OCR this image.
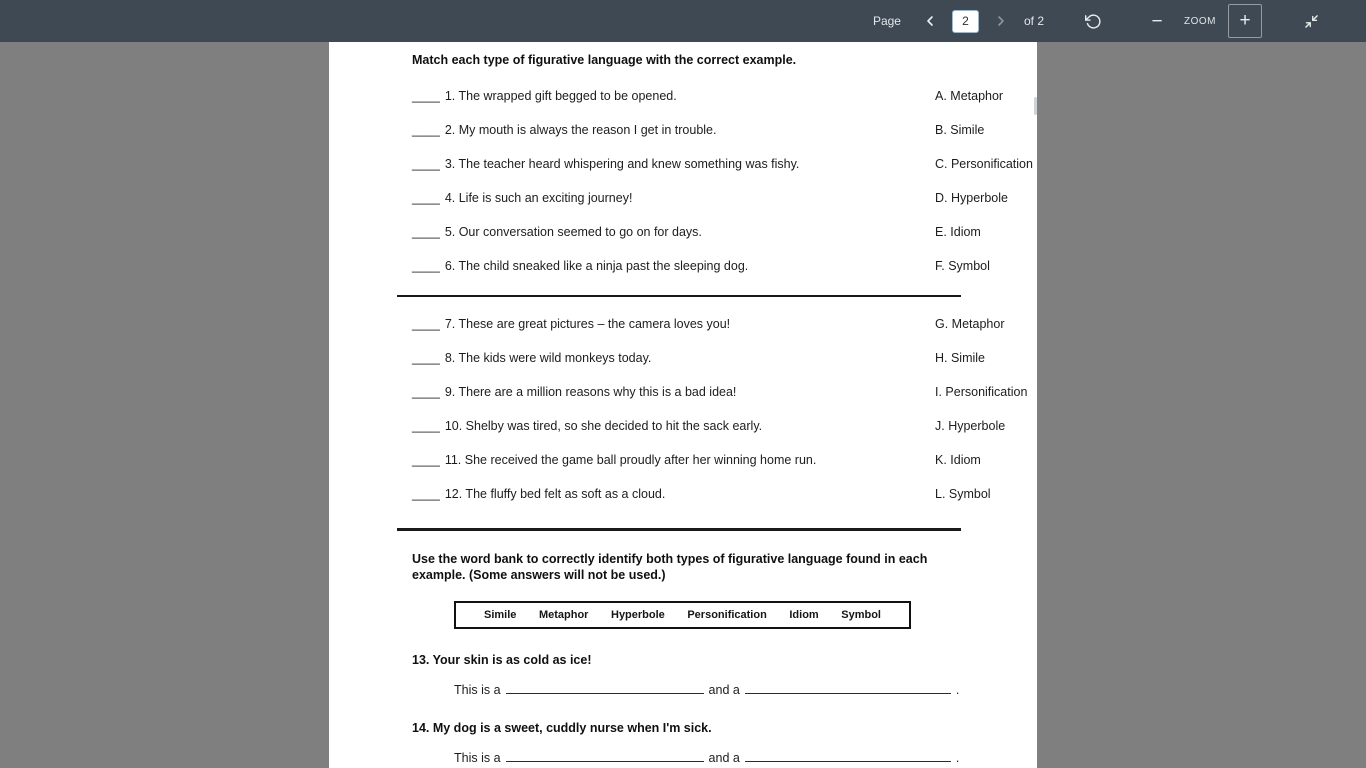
Page
2	of 2	−	ZOOM	+
Match each type of figurative language with the correct example.
____ 1. The wrapped gift begged to be opened.	A. Metaphor
____ 2. My mouth is always the reason I get in trouble.	B. Simile
____ 3. The teacher heard whispering and knew something was fishy.	C. Personification
____ 4. Life is such an exciting journey!	D. Hyperbole
____ 5. Our conversation seemed to go on for days.	E. Idiom
____ 6. The child sneaked like a ninja past the sleeping dog.	F. Symbol
____ 7. These are great pictures – the camera loves you!	G. Metaphor
____ 8. The kids were wild monkeys today.	H. Simile
____ 9. There are a million reasons why this is a bad idea!	I. Personification
____ 10. Shelby was tired, so she decided to hit the sack early.	J. Hyperbole
____ 11. She received the game ball proudly after her winning home run.	K. Idiom
____ 12. The fluffy bed felt as soft as a cloud.	L. Symbol
Use the word bank to correctly identify both types of figurative language found in each example. (Some answers will not be used.)
Simile Metaphor Hyperbole Personification Idiom Symbol
13. Your skin is as cold as ice!
This is a	and a	.
14. My dog is a sweet, cuddly nurse when I'm sick.
This is a	and a	.
